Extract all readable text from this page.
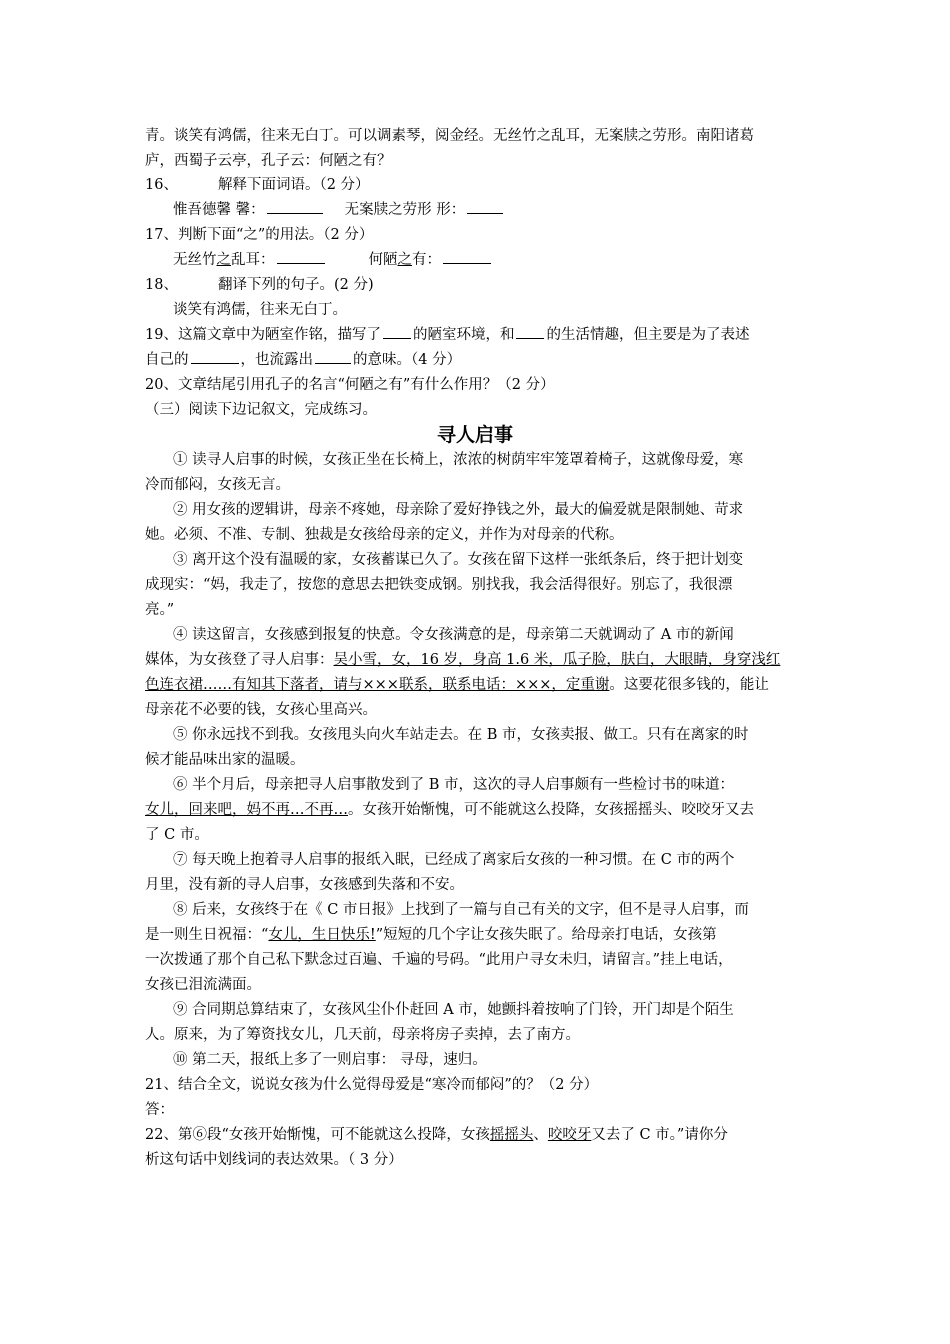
青。谈笑有鸿儒，往来无白丁。可以调素琴，阅金经。无丝竹之乱耳，无案牍之劳形。南阳诸葛
庐，西蜀子云亭，孔子云：何陋之有？
16、	解释下面词语。（2 分）
惟吾德馨 馨：	无案牍之劳形 形：
17、判断下面“之”的用法。（2 分）
无丝竹之乱耳：	何陋之有：
18、	翻译下列的句子。(2 分)
谈笑有鸿儒，往来无白丁。
19、这篇文章中为陋室作铭，描写了 的陋室环境，和 的生活情趣，但主要是为了表述
自己的	，也流露出	的意味。（4 分）
20、文章结尾引用孔子的名言“何陋之有”有什么作用？（2 分）
（三）阅读下边记叙文，完成练习。
寻人启事
① 读寻人启事的时候，女孩正坐在长椅上，浓浓的树荫牢牢笼罩着椅子，这就像母爱，寒
冷而郁闷，女孩无言。
② 用女孩的逻辑讲，母亲不疼她，母亲除了爱好挣钱之外，最大的偏爱就是限制她、苛求
她。必须、不准、专制、独裁是女孩给母亲的定义，并作为对母亲的代称。
③ 离开这个没有温暖的家，女孩蓄谋已久了。女孩在留下这样一张纸条后，终于把计划变
成现实：“妈，我走了，按您的意思去把铁变成钢。别找我，我会活得很好。别忘了，我很漂
亮。”
④ 读这留言，女孩感到报复的快意。令女孩满意的是，母亲第二天就调动了 A 市的新闻
媒体，为女孩登了寻人启事：吴小雪，女，16 岁，身高 1.6 米，瓜子脸，肤白，大眼睛，身穿浅红
色连衣裙……有知其下落者，请与×××联系，联系电话：×××，定重谢。这要花很多钱的，能让
母亲花不必要的钱，女孩心里高兴。
⑤ 你永远找不到我。女孩甩头向火车站走去。在 B 市，女孩卖报、做工。只有在离家的时
候才能品味出家的温暖。
⑥ 半个月后，母亲把寻人启事散发到了 B 市，这次的寻人启事颇有一些检讨书的味道：
女儿，回来吧，妈不再…不再…。女孩开始惭愧，可不能就这么投降，女孩摇摇头、咬咬牙又去
了 C 市。
⑦ 每天晚上抱着寻人启事的报纸入眠，已经成了离家后女孩的一种习惯。在 C 市的两个
月里，没有新的寻人启事，女孩感到失落和不安。
⑧ 后来，女孩终于在《 C 市日报》上找到了一篇与自己有关的文字，但不是寻人启事，而
是一则生日祝福：“女儿，生日快乐!”短短的几个字让女孩失眠了。给母亲打电话，女孩第
一次拨通了那个自己私下默念过百遍、千遍的号码。“此用户寻女未归，请留言。”挂上电话，
女孩已泪流满面。
⑨ 合同期总算结束了，女孩风尘仆仆赶回 A 市，她颤抖着按响了门铃，开门却是个陌生
人。原来，为了筹资找女儿，几天前，母亲将房子卖掉，去了南方。
⑩ 第二天，报纸上多了一则启事： 寻母，速归。
21、结合全文，说说女孩为什么觉得母爱是“寒冷而郁闷”的？（2 分）
答：
22、第⑥段“女孩开始惭愧，可不能就这么投降，女孩摇摇头、咬咬牙又去了 C 市。”请你分
析这句话中划线词的表达效果。（ 3 分）
